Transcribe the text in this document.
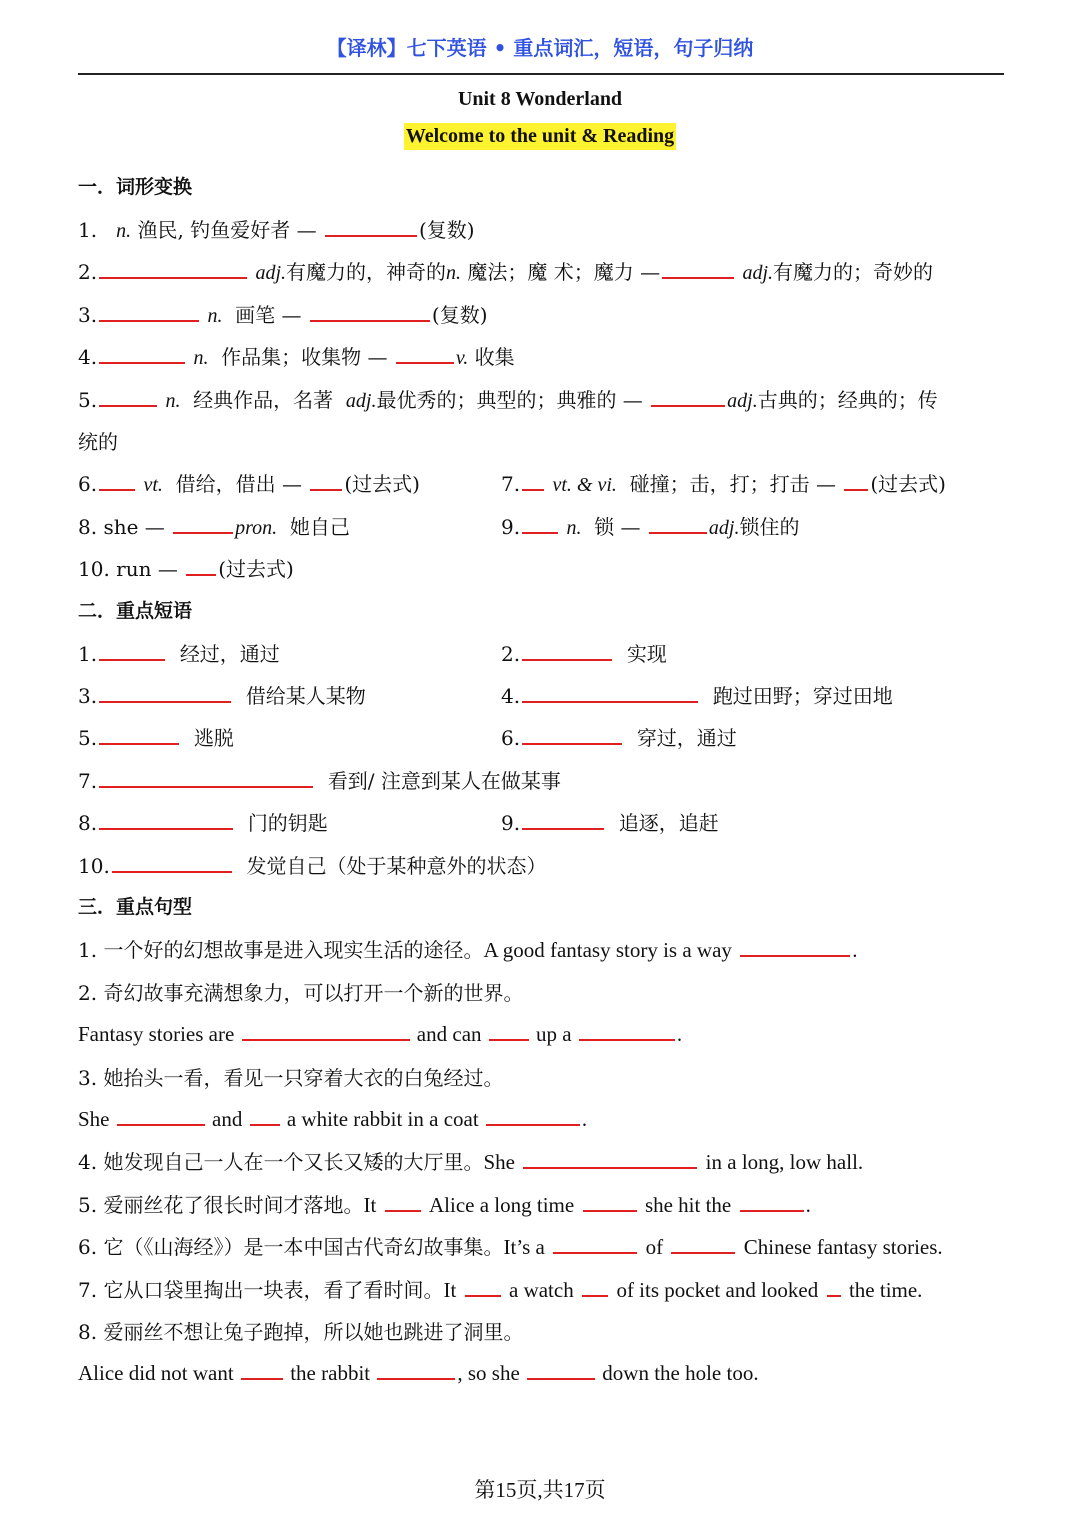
【译林】七下英语 • 重点词汇，短语，句子归纳
Unit 8 Wonderland
Welcome to the unit & Reading
一．词形变换
1. n. 渔民, 钓鱼爱好者 —	(复数)
2.	adj.有魔力的，神奇的n. 魔法；魔 术；魔力 —	adj.有魔力的；奇妙的
3.	n. 画笔 —	(复数)
4.	n. 作品集；收集物 —	v. 收集
5.	n. 经典作品，名著 adj.最优秀的；典型的；典雅的 —	adj.古典的；经典的；传
统的
6. vt. 借给，借出 — (过去式)	7. vt. & vi. 碰撞；击，打；打击 — (过去式)
8. she —	pron. 她自己	9. n. 锁 —	adj.锁住的
10. run — (过去式)
二．重点短语
1.	经过，通过	2.	实现
3.	借给某人某物	4.	跑过田野；穿过田地
5.	逃脱	6.	穿过，通过
7.	看到/ 注意到某人在做某事
8.	门的钥匙	9.	追逐，追赶
10.	发觉自己（处于某种意外的状态）
三．重点句型
1. 一个好的幻想故事是进入现实生活的途径。A good fantasy story is a way	.
2. 奇幻故事充满想象力，可以打开一个新的世界。
Fantasy stories are	and can	up a	.
3. 她抬头一看，看见一只穿着大衣的白兔经过。
She	and a white rabbit in a coat	.
4. 她发现自己一人在一个又长又矮的大厅里。She	in a long, low hall.
5. 爱丽丝花了很长时间才落地。It	Alice a long time	she hit the	.
6. 它（《山海经》）是一本中国古代奇幻故事集。It’s a	of	Chinese fantasy stories.
7. 它从口袋里掏出一块表，看了看时间。It	a watch of its pocket and looked the time.
8. 爱丽丝不想让兔子跑掉，所以她也跳进了洞里。
Alice did not want	the rabbit	, so she	down the hole too.
第15页,共17页
